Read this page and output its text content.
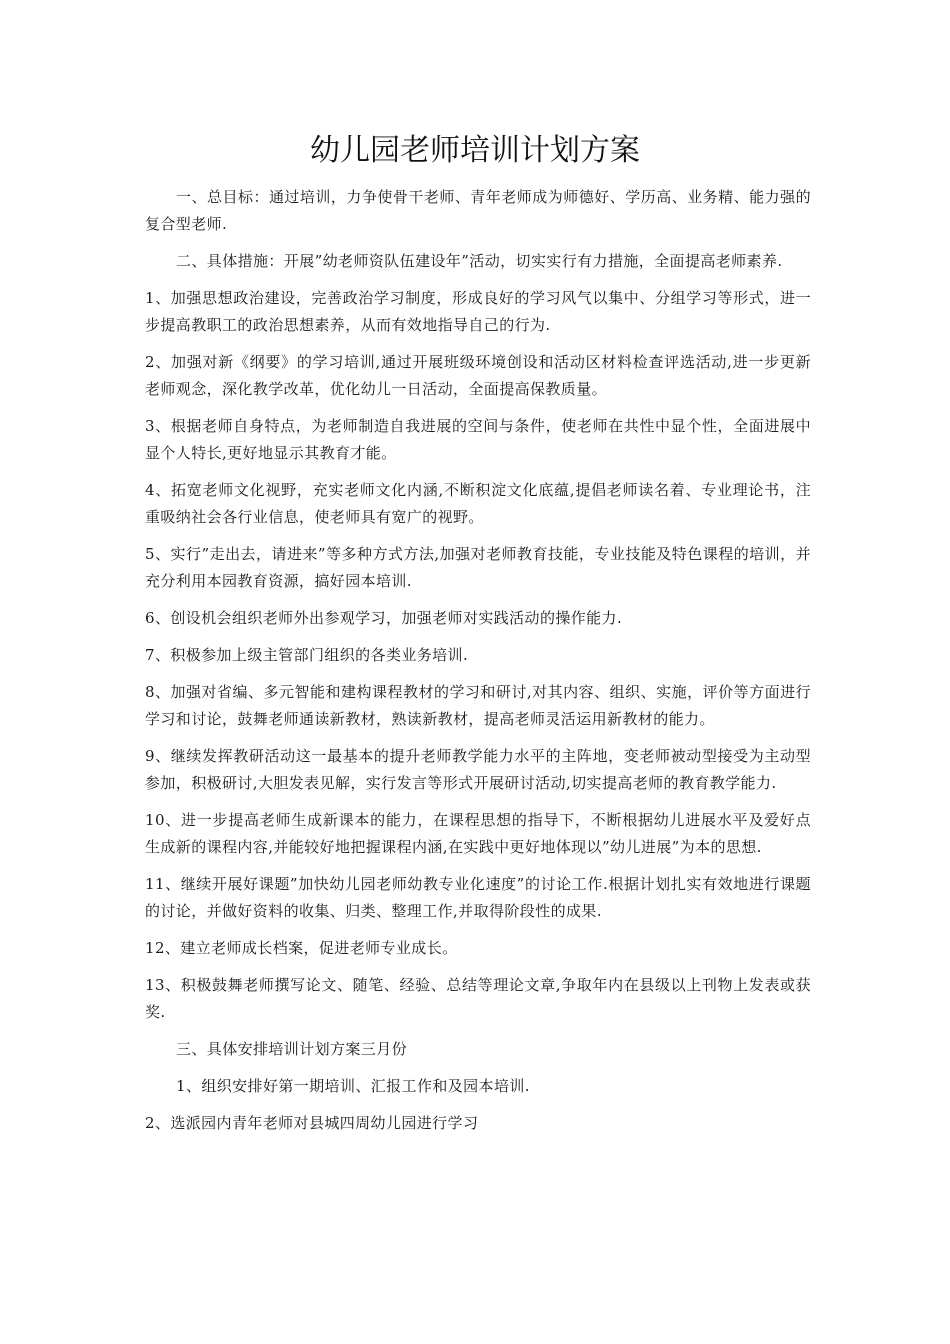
幼儿园老师培训计划方案

一、总目标：通过培训，力争使骨干老师、青年老师成为师德好、学历高、业务精、能力强的复合型老师.

二、具体措施：开展”幼老师资队伍建设年”活动，切实实行有力措施，全面提高老师素养.

1、加强思想政治建设，完善政治学习制度，形成良好的学习风气以集中、分组学习等形式，进一步提高教职工的政治思想素养，从而有效地指导自己的行为.

2、加强对新《纲要》的学习培训,通过开展班级环境创设和活动区材料检查评选活动,进一步更新老师观念，深化教学改革，优化幼儿一日活动，全面提高保教质量。

3、根据老师自身特点，为老师制造自我进展的空间与条件，使老师在共性中显个性，全面进展中显个人特长,更好地显示其教育才能。

4、拓宽老师文化视野，充实老师文化内涵,不断积淀文化底蕴,提倡老师读名着、专业理论书，注重吸纳社会各行业信息，使老师具有宽广的视野。

5、实行”走出去，请进来”等多种方式方法,加强对老师教育技能，专业技能及特色课程的培训，并充分利用本园教育资源，搞好园本培训.

6、创设机会组织老师外出参观学习，加强老师对实践活动的操作能力.

7、积极参加上级主管部门组织的各类业务培训.

8、加强对省编、多元智能和建构课程教材的学习和研讨,对其内容、组织、实施，评价等方面进行学习和讨论，鼓舞老师通读新教材，熟读新教材，提高老师灵活运用新教材的能力。

9、继续发挥教研活动这一最基本的提升老师教学能力水平的主阵地，变老师被动型接受为主动型参加，积极研讨,大胆发表见解，实行发言等形式开展研讨活动,切实提高老师的教育教学能力.

10、进一步提高老师生成新课本的能力，在课程思想的指导下，不断根据幼儿进展水平及爱好点生成新的课程内容,并能较好地把握课程内涵,在实践中更好地体现以”幼儿进展”为本的思想.

11、继续开展好课题”加快幼儿园老师幼教专业化速度”的讨论工作.根据计划扎实有效地进行课题的讨论，并做好资料的收集、归类、整理工作,并取得阶段性的成果.

12、建立老师成长档案，促进老师专业成长。

13、积极鼓舞老师撰写论文、随笔、经验、总结等理论文章,争取年内在县级以上刊物上发表或获奖.

三、具体安排培训计划方案三月份

1、组织安排好第一期培训、汇报工作和及园本培训.

2、选派园内青年老师对县城四周幼儿园进行学习
